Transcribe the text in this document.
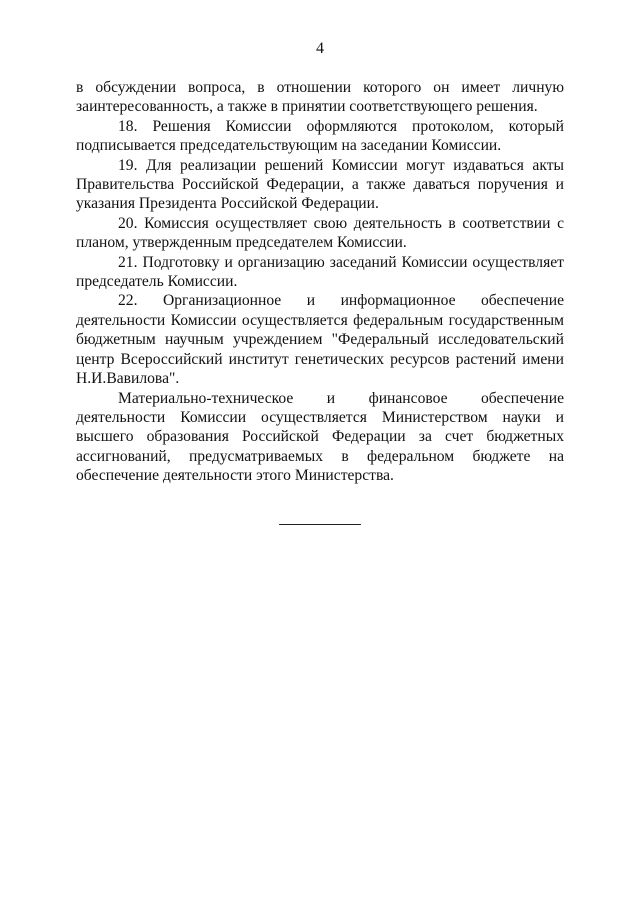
4

в обсуждении вопроса, в отношении которого он имеет личную заинтересованность, а также в принятии соответствующего решения.

18. Решения Комиссии оформляются протоколом, который подписывается председательствующим на заседании Комиссии.

19. Для реализации решений Комиссии могут издаваться акты Правительства Российской Федерации, а также даваться поручения и указания Президента Российской Федерации.

20. Комиссия осуществляет свою деятельность в соответствии с планом, утвержденным председателем Комиссии.

21. Подготовку и организацию заседаний Комиссии осуществляет председатель Комиссии.

22. Организационное и информационное обеспечение деятельности Комиссии осуществляется федеральным государственным бюджетным научным учреждением "Федеральный исследовательский центр Всероссийский институт генетических ресурсов растений имени Н.И.Вавилова".

Материально-техническое и финансовое обеспечение деятельности Комиссии осуществляется Министерством науки и высшего образования Российской Федерации за счет бюджетных ассигнований, предусматриваемых в федеральном бюджете на обеспечение деятельности этого Министерства.
